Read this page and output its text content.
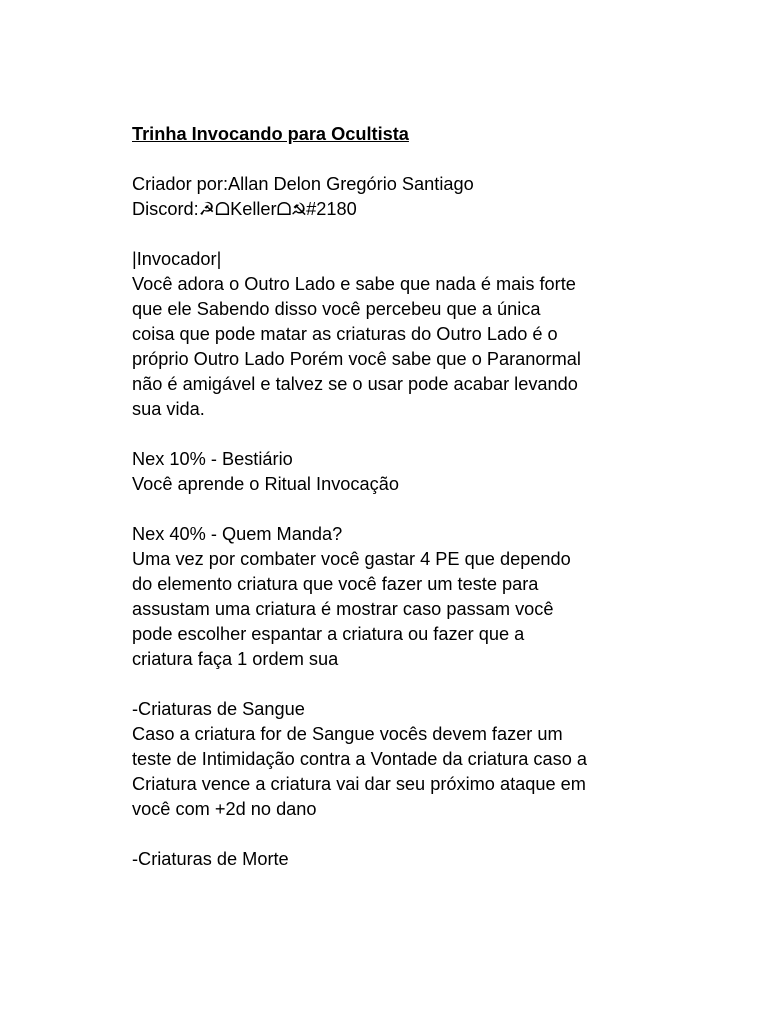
Trinha Invocando para Ocultista
Criador por:Allan Delon Gregório Santiago
Discord:☭ᗝKellerᗝ☭#2180
|Invocador|
Você adora o Outro Lado e sabe que nada é mais forte
que ele Sabendo disso você percebeu que a única
coisa que pode matar as criaturas do Outro Lado é o
próprio Outro Lado Porém você sabe que o Paranormal
não é amigável e talvez se o usar pode acabar levando
sua vida.
Nex 10% - Bestiário
Você aprende o Ritual Invocação
Nex 40% - Quem Manda?
Uma vez por combater você gastar 4 PE que dependo
do elemento criatura que você fazer um teste para
assustam uma criatura é mostrar caso passam você
pode escolher espantar a criatura ou fazer que a
criatura faça 1 ordem sua
-Criaturas de Sangue
Caso a criatura for de Sangue vocês devem fazer um
teste de Intimidação contra a Vontade da criatura caso a
Criatura vence a criatura vai dar seu próximo ataque em
você com +2d no dano
-Criaturas de Morte
